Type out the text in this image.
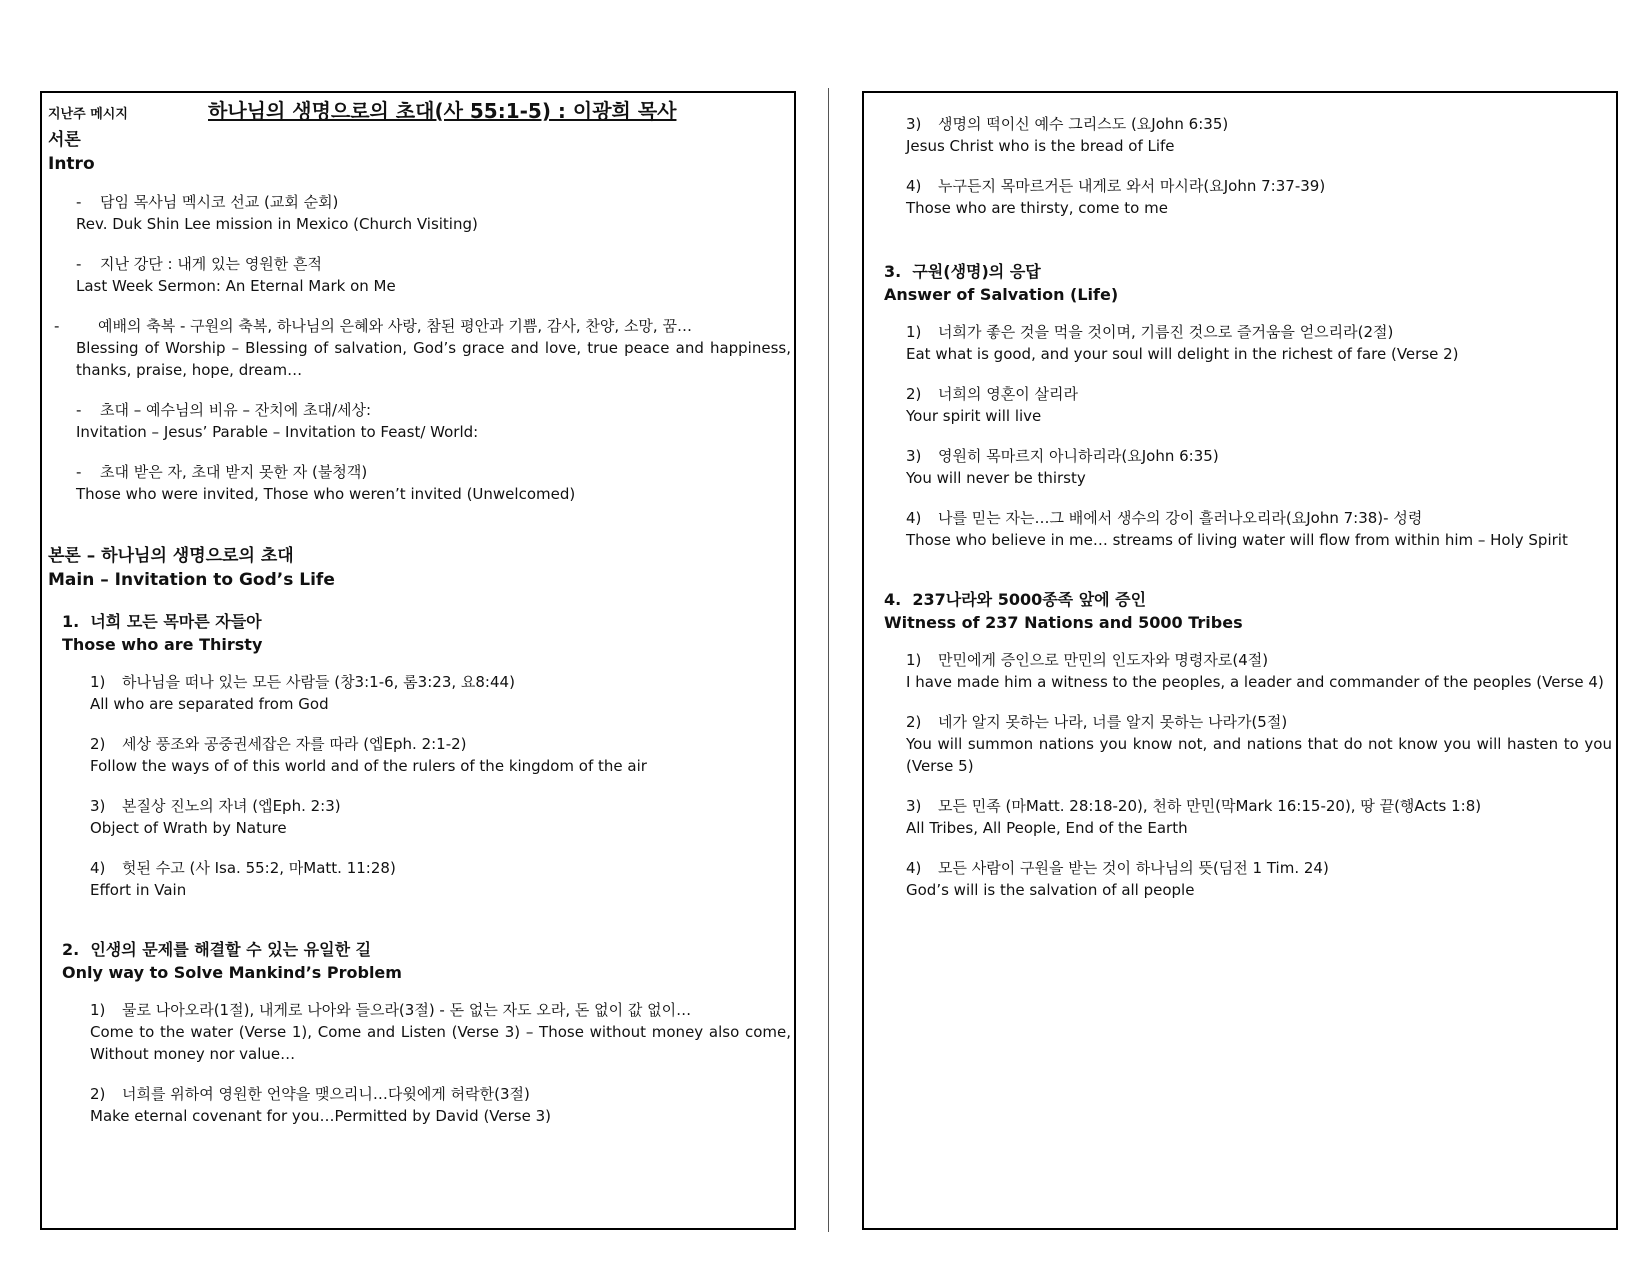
지난주 메시지	하나님의 생명으로의 초대(사 55:1-5) : 이광희 목사
서론
Intro
- 담임 목사님 멕시코 선교 (교회 순회)
Rev. Duk Shin Lee mission in Mexico (Church Visiting)
- 지난 강단 : 내게 있는 영원한 흔적
Last Week Sermon: An Eternal Mark on Me
-	예배의 축복 - 구원의 축복, 하나님의 은혜와 사랑, 참된 평안과 기쁨, 감사, 찬양, 소망, 꿈…
Blessing of Worship – Blessing of salvation, God’s grace and love, true peace and happiness, thanks, praise, hope, dream…
- 초대 – 예수님의 비유 – 잔치에 초대/세상:
Invitation – Jesus’ Parable – Invitation to Feast/ World:
- 초대 받은 자, 초대 받지 못한 자 (불청객)
Those who were invited, Those who weren’t invited (Unwelcomed)
본론 – 하나님의 생명으로의 초대
Main – Invitation to God’s Life
1.  너희 모든 목마른 자들아
Those who are Thirsty
1) 하나님을 떠나 있는 모든 사람들 (창3:1-6, 롬3:23, 요8:44)
All who are separated from God
2) 세상 풍조와 공중권세잡은 자를 따라 (엡Eph. 2:1-2)
Follow the ways of of this world and of the rulers of the kingdom of the air
3) 본질상 진노의 자녀 (엡Eph. 2:3)
Object of Wrath by Nature
4) 헛된 수고 (사 Isa. 55:2, 마Matt. 11:28)
Effort in Vain
2.  인생의 문제를 해결할 수 있는 유일한 길
Only way to Solve Mankind’s Problem
1) 물로 나아오라(1절), 내게로 나아와 들으라(3절) - 돈 없는 자도 오라, 돈 없이 값 없이…
Come to the water (Verse 1), Come and Listen (Verse 3) – Those without money also come, Without money nor value…
2) 너희를 위하여 영원한 언약을 맺으리니…다윗에게 허락한(3절)
Make eternal covenant for you…Permitted by David (Verse 3)
3) 생명의 떡이신 예수 그리스도 (요John 6:35)
Jesus Christ who is the bread of Life
4) 누구든지 목마르거든 내게로 와서 마시라(요John 7:37-39)
Those who are thirsty, come to me
3.  구원(생명)의 응답
Answer of Salvation (Life)
1) 너희가 좋은 것을 먹을 것이며, 기름진 것으로 즐거움을 얻으리라(2절)
Eat what is good, and your soul will delight in the richest of fare (Verse 2)
2) 너희의 영혼이 살리라
Your spirit will live
3) 영원히 목마르지 아니하리라(요John 6:35)
You will never be thirsty
4) 나를 믿는 자는…그 배에서 생수의 강이 흘러나오리라(요John 7:38)- 성령
Those who believe in me… streams of living water will flow from within him – Holy Spirit
4.  237나라와 5000종족 앞에 증인
Witness of 237 Nations and 5000 Tribes
1) 만민에게 증인으로 만민의 인도자와 명령자로(4절)
I have made him a witness to the peoples, a leader and commander of the peoples (Verse 4)
2) 네가 알지 못하는 나라, 너를 알지 못하는 나라가(5절)
You will summon nations you know not, and nations that do not know you will hasten to you (Verse 5)
3) 모든 민족 (마Matt. 28:18-20), 천하 만민(막Mark 16:15-20), 땅 끝(행Acts 1:8)
All Tribes, All People, End of the Earth
4) 모든 사람이 구원을 받는 것이 하나님의 뜻(딤전 1 Tim. 24)
God’s will is the salvation of all people
